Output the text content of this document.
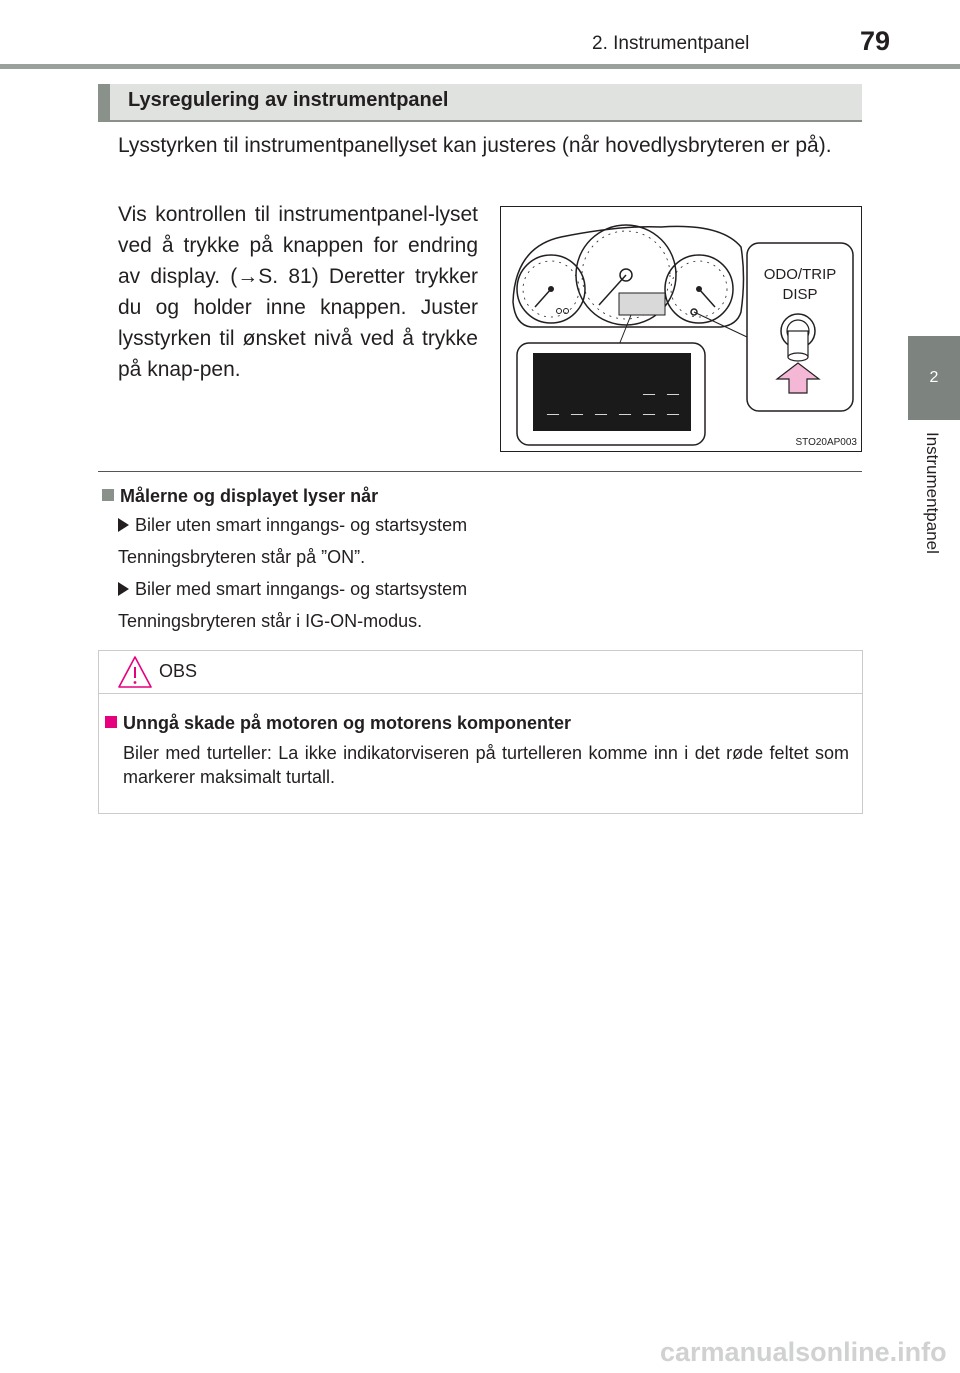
2. Instrumentpanel	79
2
Instrumentpanel
Lysregulering av instrumentpanel
Lysstyrken til instrumentpanellyset kan justeres (når hovedlysbryteren er på).
Vis kontrollen til instrumentpanel-lyset ved å trykke på knappen for endring av display. (→S. 81) Deretter trykker du og holder inne knappen. Juster lysstyrken til ønsket nivå ved å trykke på knap-pen.
ODO/TRIP
DISP
_ _
_ _ _ _ _ _
STO20AP003
Målerne og displayet lyser når
Biler uten smart inngangs- og startsystem
Tenningsbryteren står på ”ON”.
Biler med smart inngangs- og startsystem
Tenningsbryteren står i IG-ON-modus.
OBS
Unngå skade på motoren og motorens komponenter
Biler med turteller: La ikke indikatorviseren på turtelleren komme inn i det røde feltet som markerer maksimalt turtall.
carmanualsonline.info
